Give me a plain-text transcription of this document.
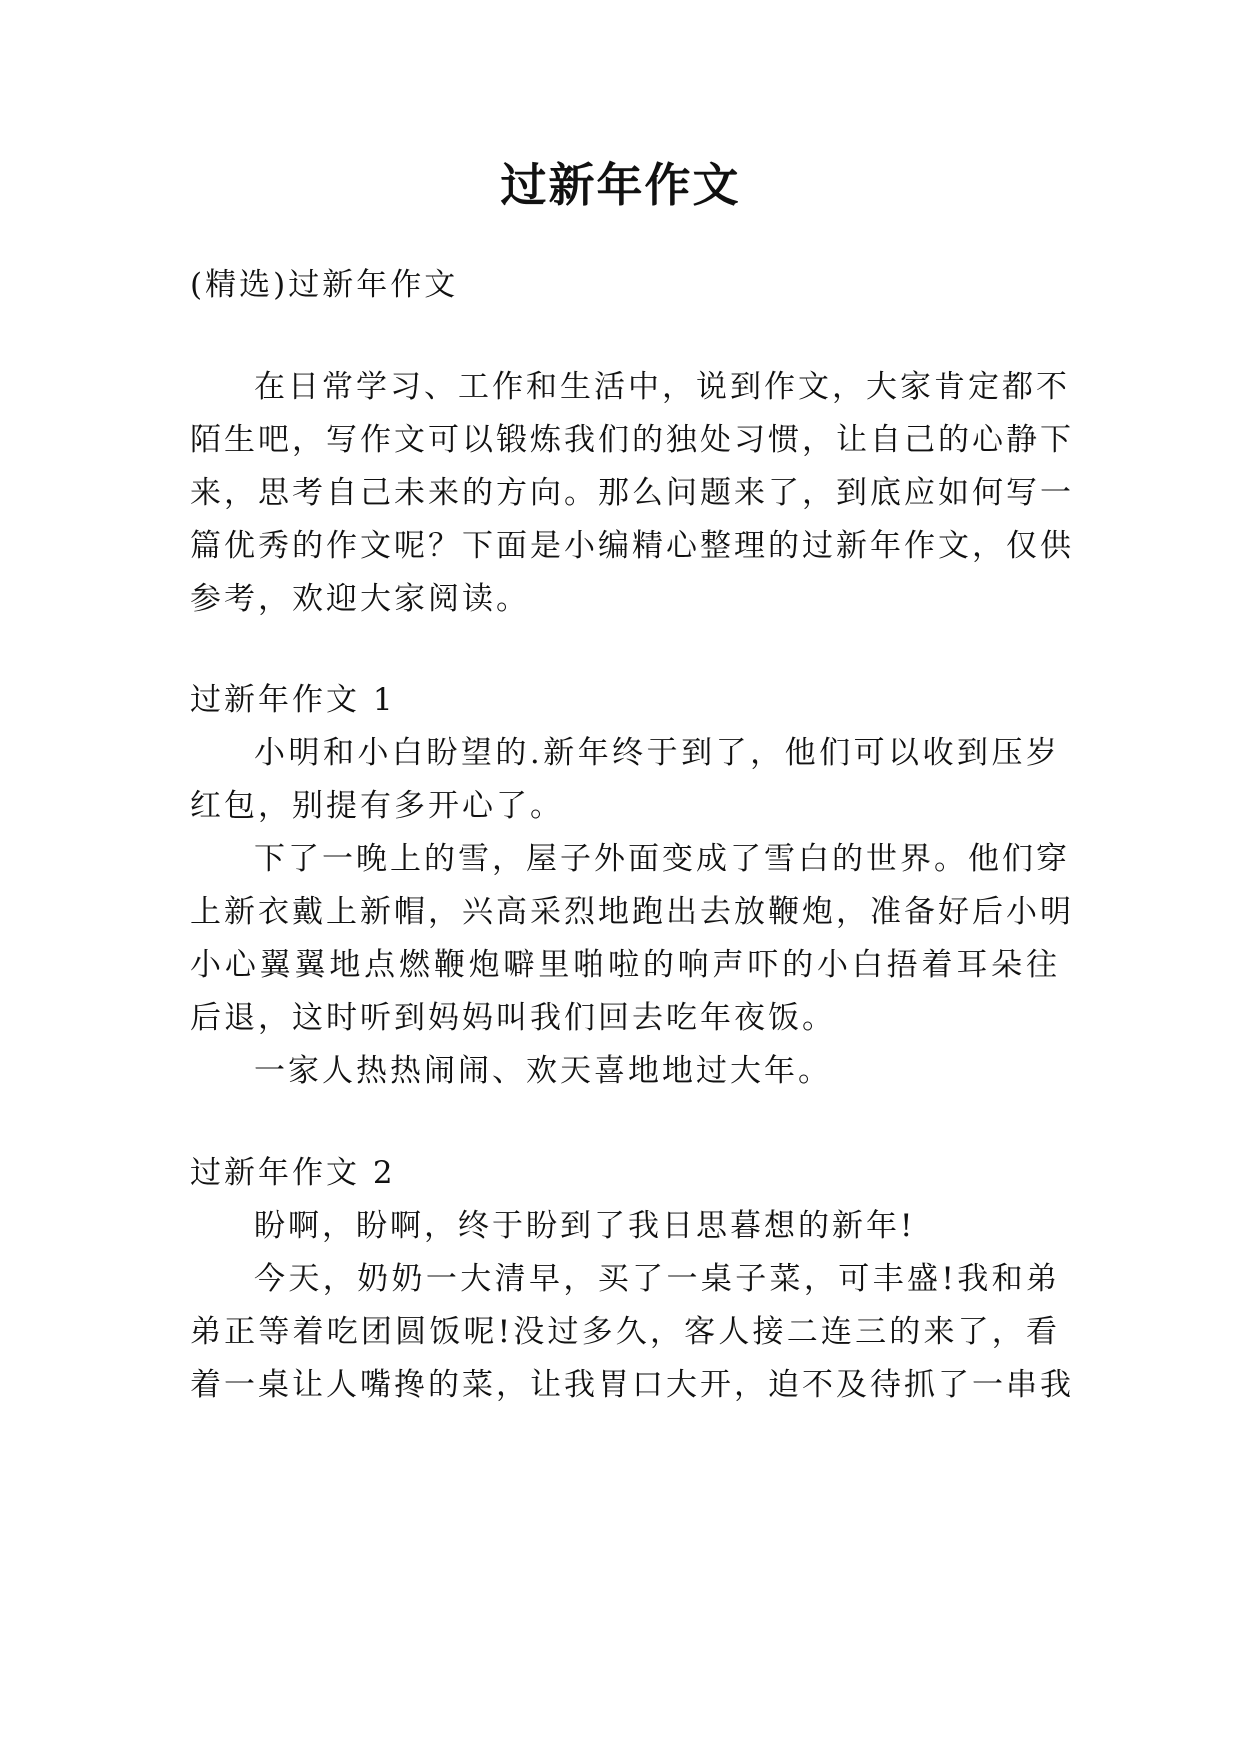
过新年作文
(精选)过新年作文
在日常学习、工作和生活中，说到作文，大家肯定都不
陌生吧，写作文可以锻炼我们的独处习惯，让自己的心静下
来，思考自己未来的方向。那么问题来了，到底应如何写一
篇优秀的作文呢？下面是小编精心整理的过新年作文，仅供
参考，欢迎大家阅读。
过新年作文 1
小明和小白盼望的.新年终于到了，他们可以收到压岁
红包，别提有多开心了。
下了一晚上的雪，屋子外面变成了雪白的世界。他们穿
上新衣戴上新帽，兴高采烈地跑出去放鞭炮，准备好后小明
小心翼翼地点燃鞭炮噼里啪啦的响声吓的小白捂着耳朵往
后退，这时听到妈妈叫我们回去吃年夜饭。
一家人热热闹闹、欢天喜地地过大年。
过新年作文 2
盼啊，盼啊，终于盼到了我日思暮想的新年!
今天，奶奶一大清早，买了一桌子菜，可丰盛!我和弟
弟正等着吃团圆饭呢!没过多久，客人接二连三的来了，看
着一桌让人嘴搀的菜，让我胃口大开，迫不及待抓了一串我
